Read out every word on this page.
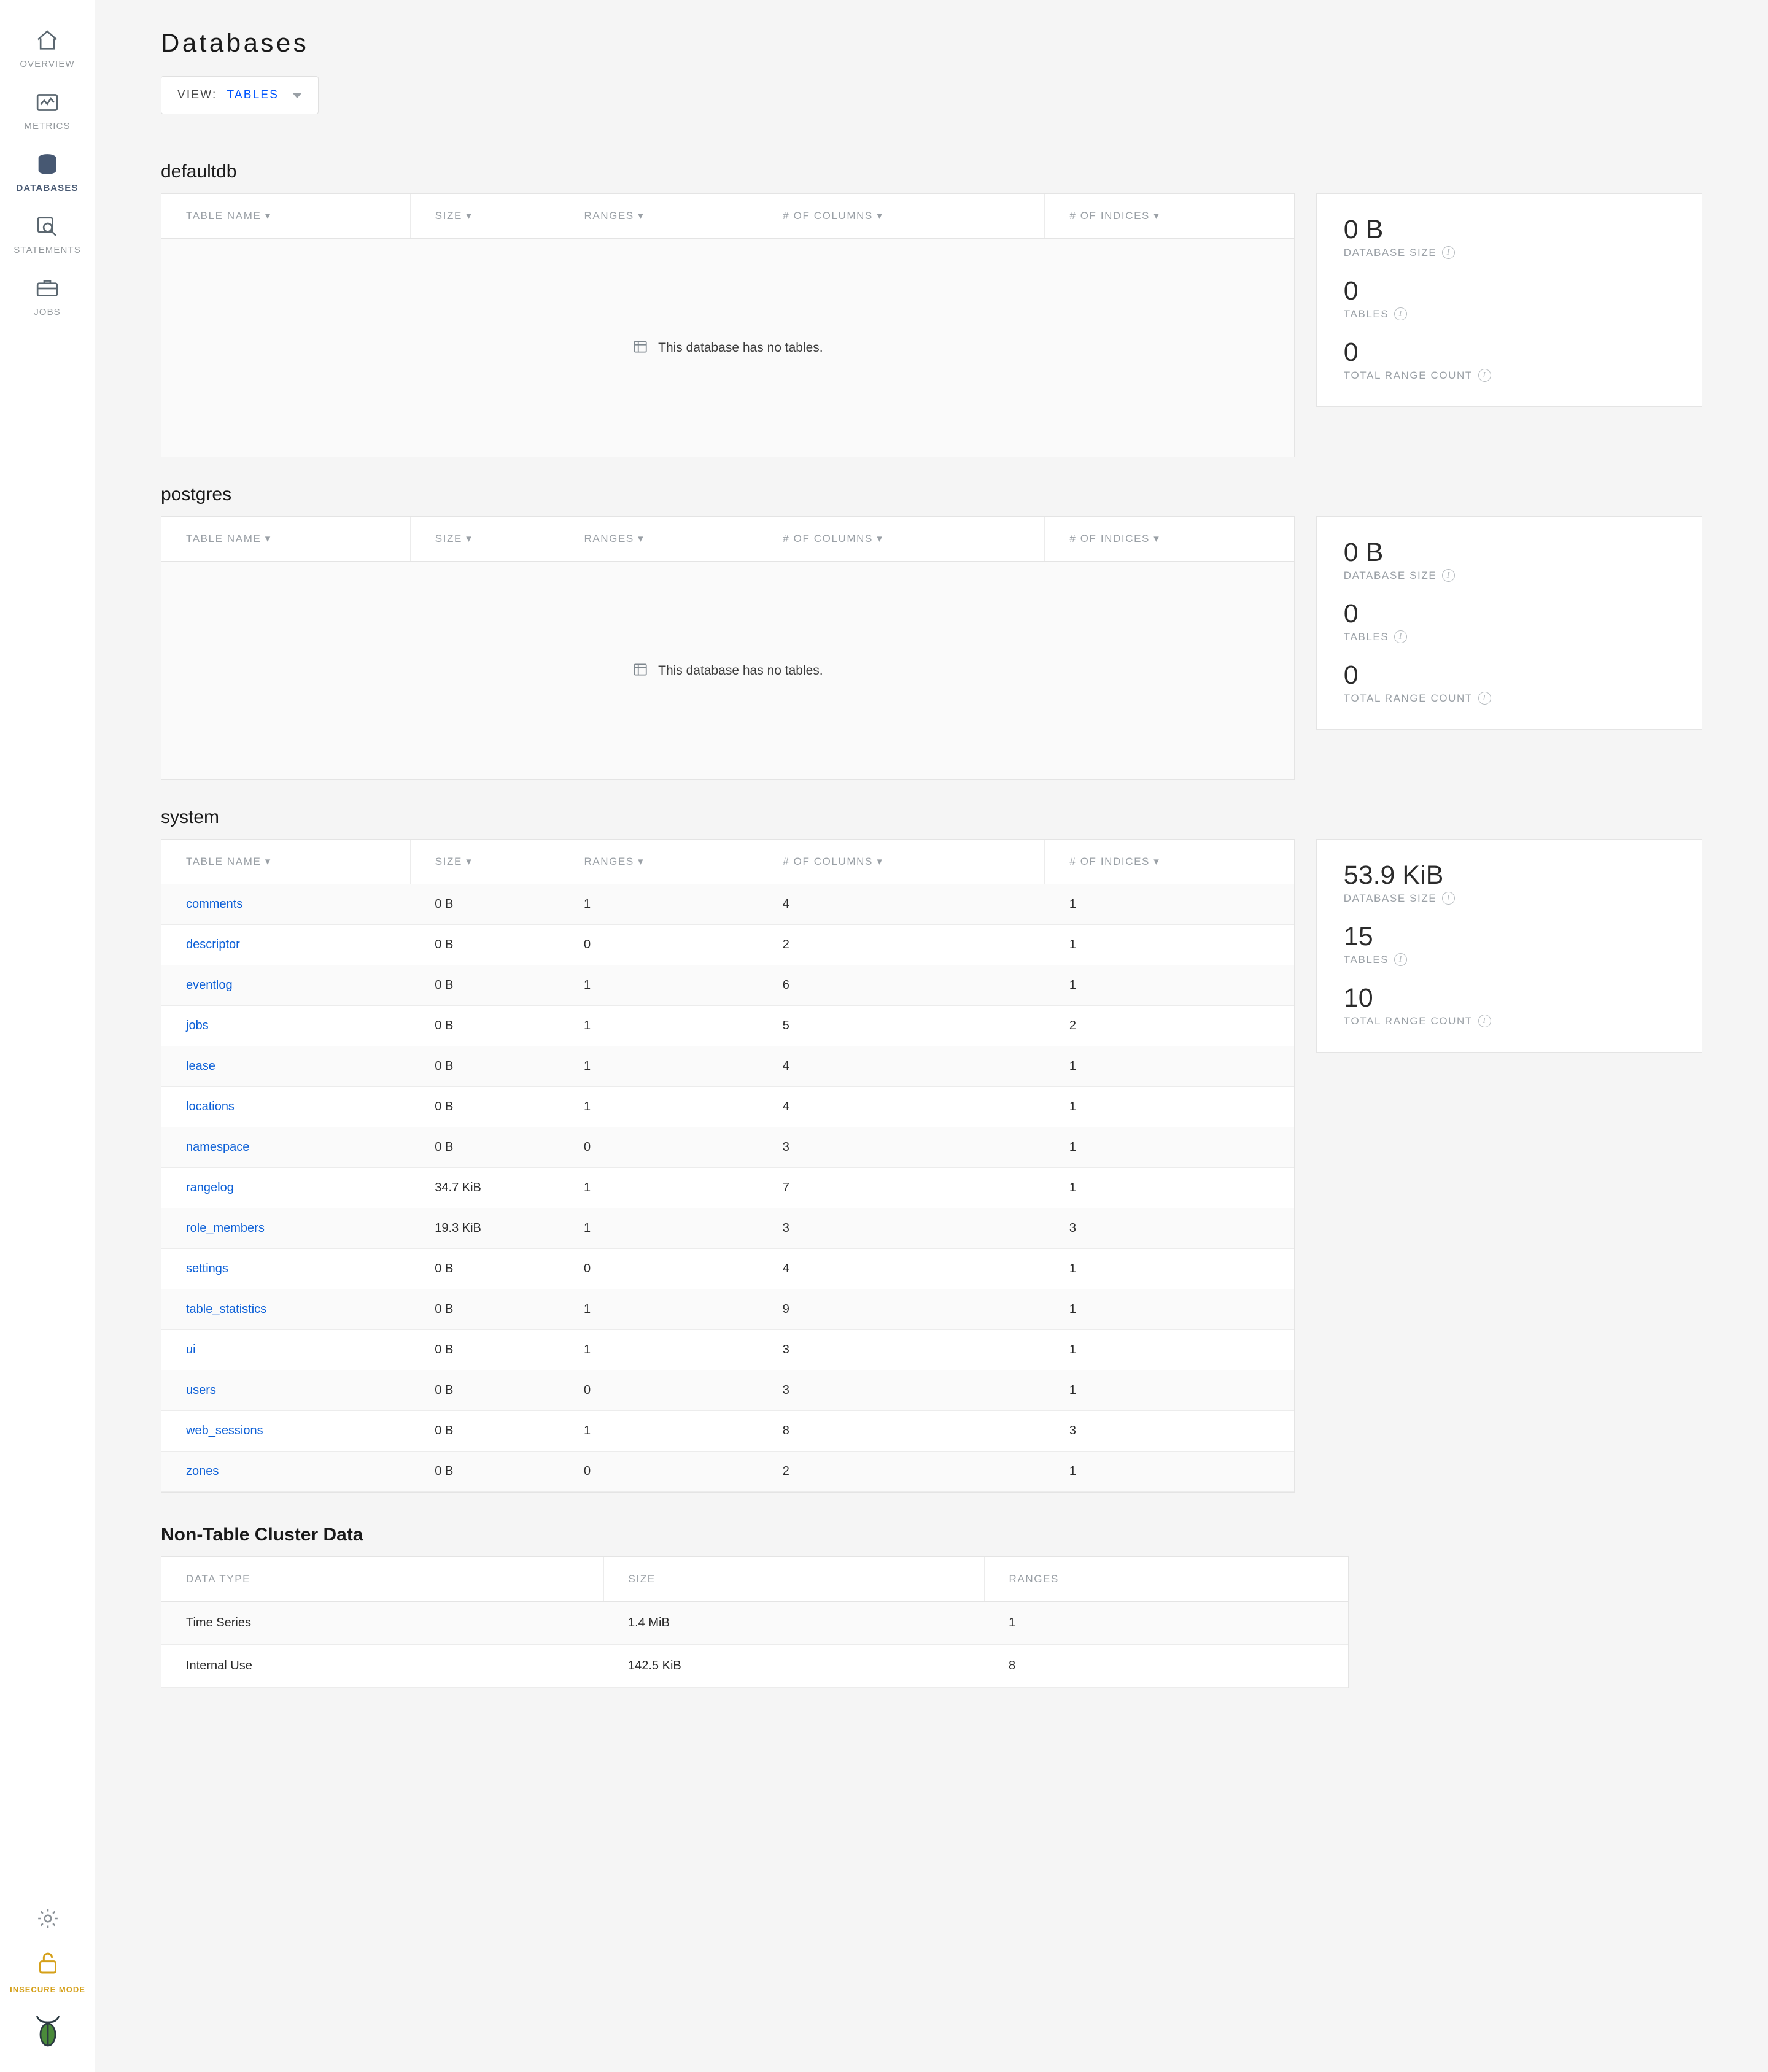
OVERVIEW
METRICS
DATABASES
STATEMENTS
JOBS
INSECURE MODE
Databases
VIEW: TABLES
defaultdb
TABLE NAME ▾	SIZE ▾	RANGES ▾	# OF COLUMNS ▾	# OF INDICES ▾
This database has no tables.
0 B
DATABASE SIZE	I
0
TABLES	I
0
TOTAL RANGE COUNT	I
postgres
TABLE NAME ▾	SIZE ▾	RANGES ▾	# OF COLUMNS ▾	# OF INDICES ▾
This database has no tables.
0 B
DATABASE SIZE	I
0
TABLES	I
0
TOTAL RANGE COUNT	I
system
TABLE NAME ▾	SIZE ▾	RANGES ▾	# OF COLUMNS ▾	# OF INDICES ▾
comments	0 B	1	4	1
descriptor	0 B	0	2	1
eventlog	0 B	1	6	1
jobs	0 B	1	5	2
lease	0 B	1	4	1
locations	0 B	1	4	1
namespace	0 B	0	3	1
rangelog	34.7 KiB	1	7	1
role_members	19.3 KiB	1	3	3
settings	0 B	0	4	1
table_statistics	0 B	1	9	1
ui	0 B	1	3	1
users	0 B	0	3	1
web_sessions	0 B	1	8	3
zones	0 B	0	2	1
53.9 KiB
DATABASE SIZE	I
15
TABLES	I
10
TOTAL RANGE COUNT	I
Non-Table Cluster Data
DATA TYPE	SIZE	RANGES
Time Series	1.4 MiB	1
Internal Use	142.5 KiB	8
